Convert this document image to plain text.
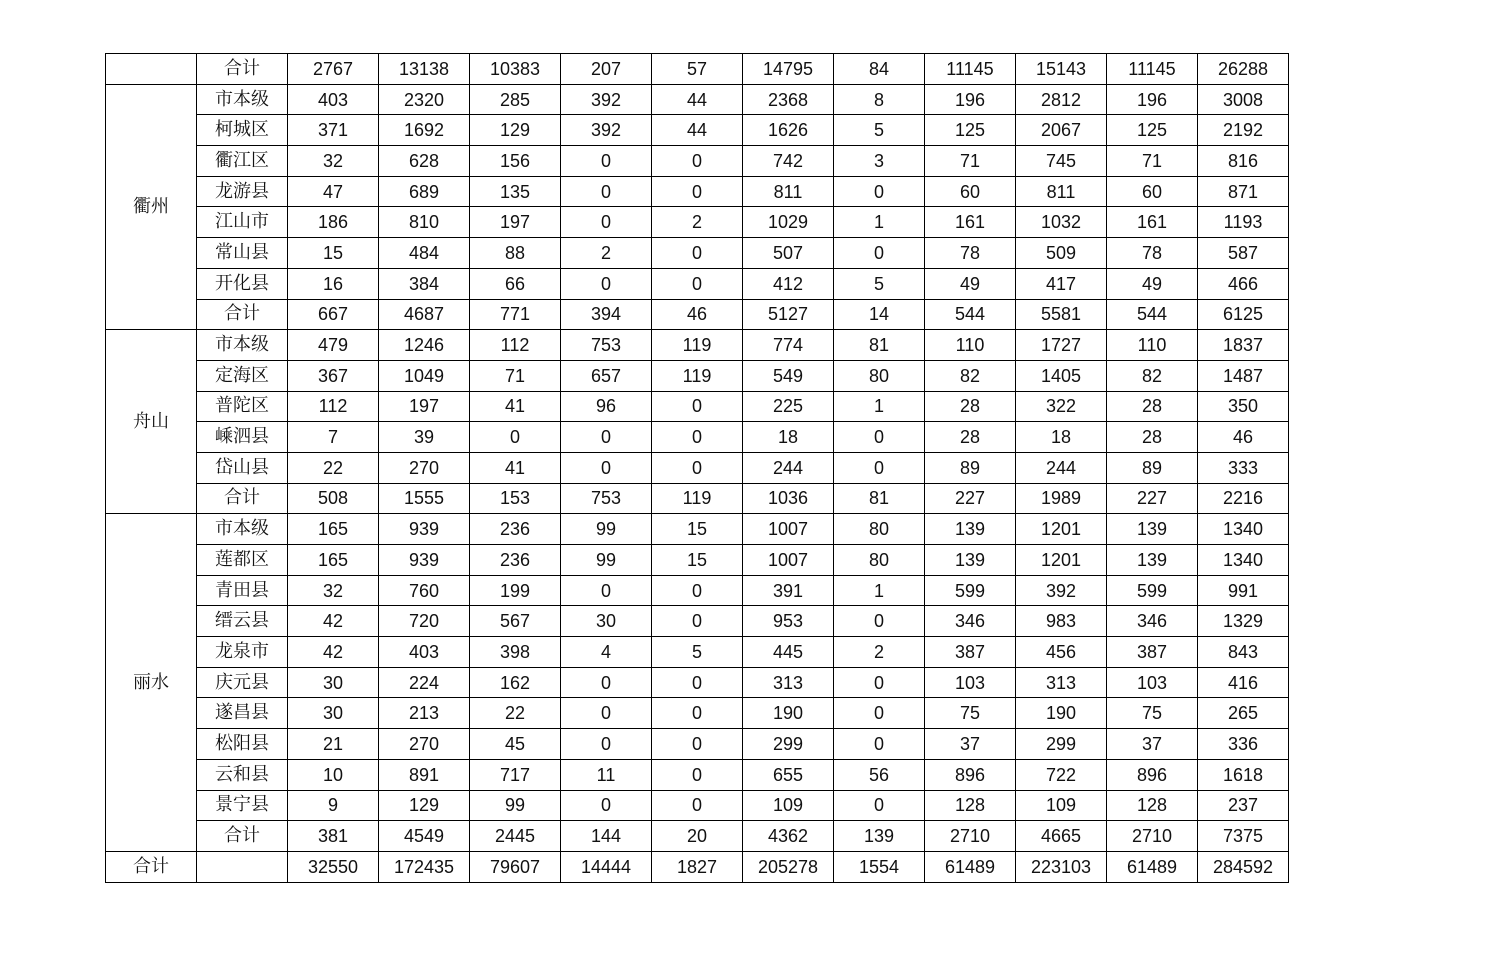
	合计	2767	13138	10383	207	57	14795	84	11145	15143	11145	26288
衢州	市本级	403	2320	285	392	44	2368	8	196	2812	196	3008
	柯城区	371	1692	129	392	44	1626	5	125	2067	125	2192
	衢江区	32	628	156	0	0	742	3	71	745	71	816
	龙游县	47	689	135	0	0	811	0	60	811	60	871
	江山市	186	810	197	0	2	1029	1	161	1032	161	1193
	常山县	15	484	88	2	0	507	0	78	509	78	587
	开化县	16	384	66	0	0	412	5	49	417	49	466
	合计	667	4687	771	394	46	5127	14	544	5581	544	6125
舟山	市本级	479	1246	112	753	119	774	81	110	1727	110	1837
	定海区	367	1049	71	657	119	549	80	82	1405	82	1487
	普陀区	112	197	41	96	0	225	1	28	322	28	350
	嵊泗县	7	39	0	0	0	18	0	28	18	28	46
	岱山县	22	270	41	0	0	244	0	89	244	89	333
	合计	508	1555	153	753	119	1036	81	227	1989	227	2216
丽水	市本级	165	939	236	99	15	1007	80	139	1201	139	1340
	莲都区	165	939	236	99	15	1007	80	139	1201	139	1340
	青田县	32	760	199	0	0	391	1	599	392	599	991
	缙云县	42	720	567	30	0	953	0	346	983	346	1329
	龙泉市	42	403	398	4	5	445	2	387	456	387	843
	庆元县	30	224	162	0	0	313	0	103	313	103	416
	遂昌县	30	213	22	0	0	190	0	75	190	75	265
	松阳县	21	270	45	0	0	299	0	37	299	37	336
	云和县	10	891	717	11	0	655	56	896	722	896	1618
	景宁县	9	129	99	0	0	109	0	128	109	128	237
	合计	381	4549	2445	144	20	4362	139	2710	4665	2710	7375
合计		32550	172435	79607	14444	1827	205278	1554	61489	223103	61489	284592
